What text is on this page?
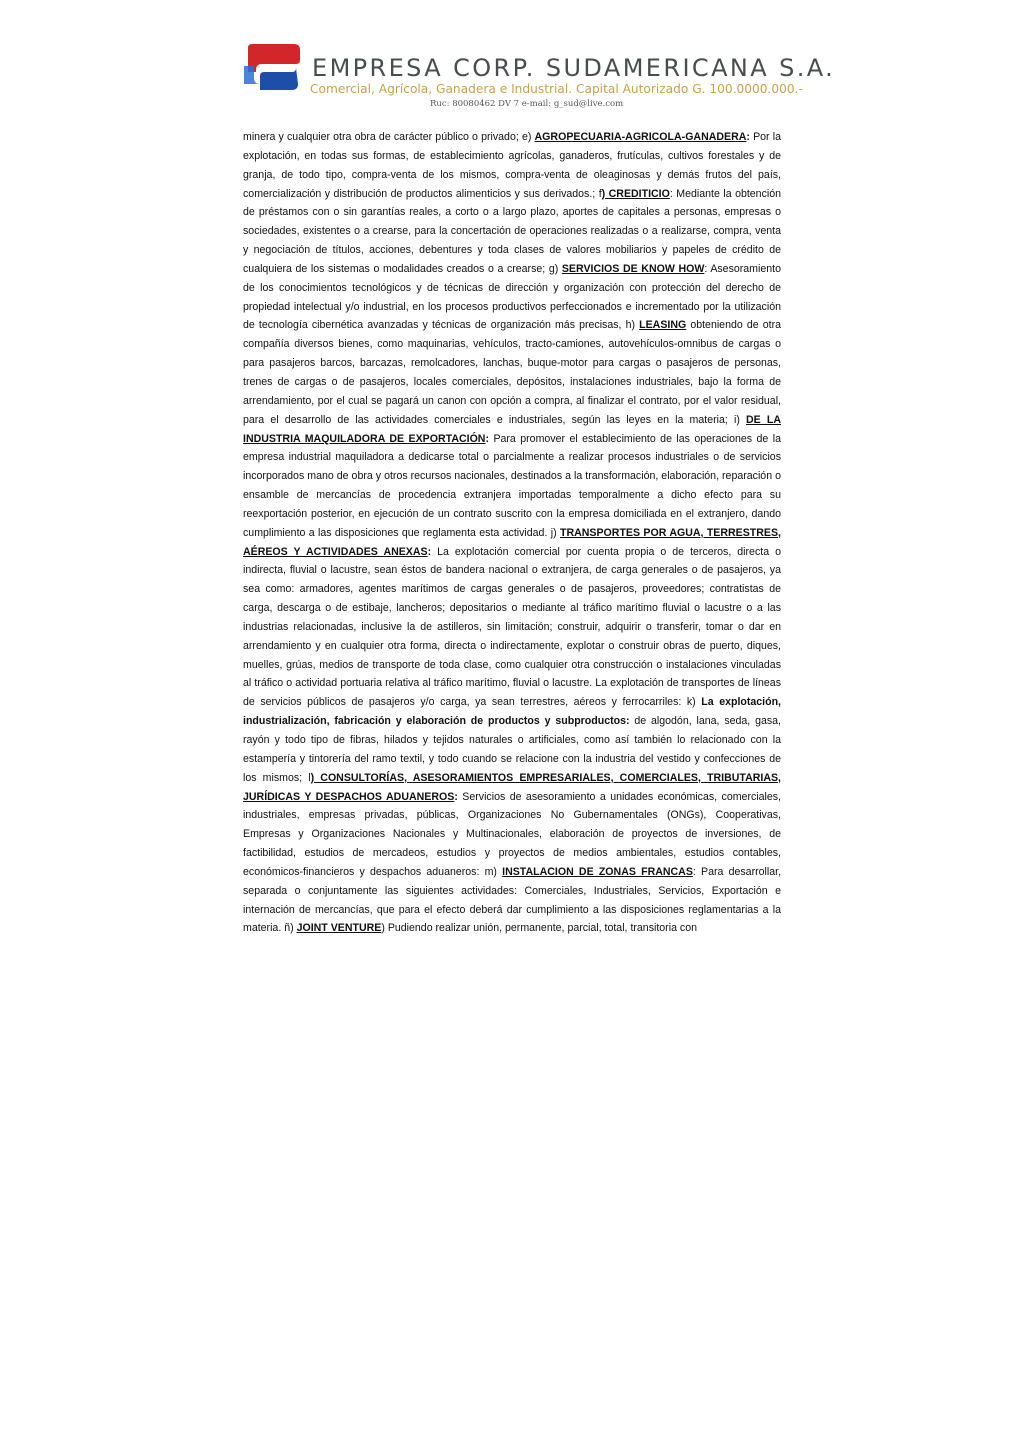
EMPRESA CORP. SUDAMERICANA S.A.
Comercial, Agrícola, Ganadera e Industrial. Capital Autorizado G. 100.0000.000.-
Ruc: 80080462 DV 7 e-mail: g_sud@live.com

minera y cualquier otra obra de carácter público o privado; e) AGROPECUARIA-AGRICOLA-GANADERA: Por la explotación, en todas sus formas, de establecimiento agrícolas, ganaderos, frutículas, cultivos forestales y de granja, de todo tipo, compra-venta de los mismos, compra-venta de oleaginosas y demás frutos del país, comercialización y distribución de productos alimenticios y sus derivados.; f) CREDITICIO: Mediante la obtención de préstamos con o sin garantías reales, a corto o a largo plazo, aportes de capitales a personas, empresas o sociedades, existentes o a crearse, para la concertación de operaciones realizadas o a realizarse, compra, venta y negociación de títulos, acciones, debentures y toda clases de valores mobiliarios y papeles de crédito de cualquiera de los sistemas o modalidades creados o a crearse; g) SERVICIOS DE KNOW HOW: Asesoramiento de los conocimientos tecnológicos y de técnicas de dirección y organización con protección del derecho de propiedad intelectual y/o industrial, en los procesos productivos perfeccionados e incrementado por la utilización de tecnología cibernética avanzadas y técnicas de organización más precisas, h) LEASING obteniendo de otra compañía diversos bienes, como maquinarias, vehículos, tracto-camiones, autovehículos-omnibus de cargas o para pasajeros barcos, barcazas, remolcadores, lanchas, buque-motor para cargas o pasajeros de personas, trenes de cargas o de pasajeros, locales comerciales, depósitos, instalaciones industriales, bajo la forma de arrendamiento, por el cual se pagará un canon con opción a compra, al finalizar el contrato, por el valor residual, para el desarrollo de las actividades comerciales e industriales, según las leyes en la materia; i) DE LA INDUSTRIA MAQUILADORA DE EXPORTACIÓN: Para promover el establecimiento de las operaciones de la empresa industrial maquiladora a dedicarse total o parcialmente a realizar procesos industriales o de servicios incorporados mano de obra y otros recursos nacionales, destinados a la transformación, elaboración, reparación o ensamble de mercancías de procedencia extranjera importadas temporalmente a dicho efecto para su reexportación posterior, en ejecución de un contrato suscrito con la empresa domiciliada en el extranjero, dando cumplimiento a las disposiciones que reglamenta esta actividad. j) TRANSPORTES POR AGUA, TERRESTRES, AÉREOS Y ACTIVIDADES ANEXAS: La explotación comercial por cuenta propia o de terceros, directa o indirecta, fluvial o lacustre, sean éstos de bandera nacional o extranjera, de carga generales o de pasajeros, ya sea como: armadores, agentes marítimos de cargas generales o de pasajeros, proveedores; contratistas de carga, descarga o de estibaje, lancheros; depositarios o mediante al tráfico marítimo fluvial o lacustre o a las industrias relacionadas, inclusive la de astilleros, sin limitación; construir, adquirir o transferir, tomar o dar en arrendamiento y en cualquier otra forma, directa o indirectamente, explotar o construir obras de puerto, diques, muelles, grúas, medios de transporte de toda clase, como cualquier otra construcción o instalaciones vinculadas al tráfico o actividad portuaria relativa al tráfico marítimo, fluvial o lacustre. La explotación de transportes de líneas de servicios públicos de pasajeros y/o carga, ya sean terrestres, aéreos y ferrocarriles: k) La explotación, industrialización, fabricación y elaboración de productos y subproductos: de algodón, lana, seda, gasa, rayón y todo tipo de fibras, hilados y tejidos naturales o artificiales, como así también lo relacionado con la estampería y tintorería del ramo textil, y todo cuando se relacione con la industria del vestido y confecciones de los mismos; l) CONSULTORÍAS, ASESORAMIENTOS EMPRESARIALES, COMERCIALES, TRIBUTARIAS, JURÍDICAS Y DESPACHOS ADUANEROS: Servicios de asesoramiento a unidades económicas, comerciales, industriales, empresas privadas, públicas, Organizaciones No Gubernamentales (ONGs), Cooperativas, Empresas y Organizaciones Nacionales y Multinacionales, elaboración de proyectos de inversiones, de factibilidad, estudios de mercadeos, estudios y proyectos de medios ambientales, estudios contables, económicos-financieros y despachos aduaneros: m) INSTALACION DE ZONAS FRANCAS: Para desarrollar, separada o conjuntamente las siguientes actividades: Comerciales, Industriales, Servicios, Exportación e internación de mercancías, que para el efecto deberá dar cumplimiento a las disposiciones reglamentarias a la materia. ñ) JOINT VENTURE) Pudiendo realizar unión, permanente, parcial, total, transitoria con
